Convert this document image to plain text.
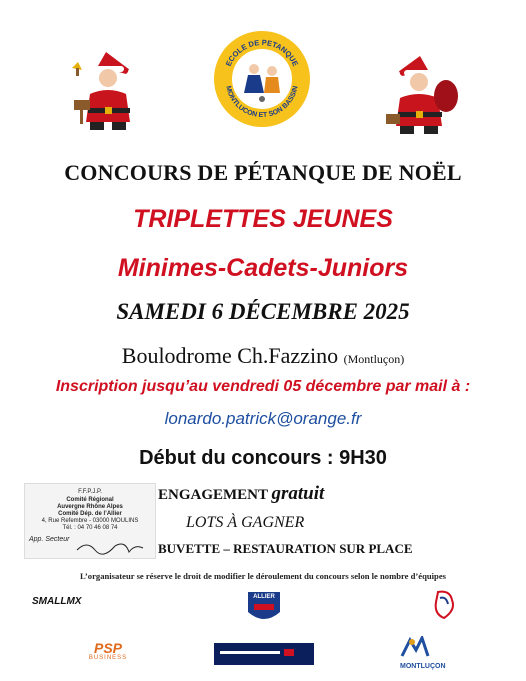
ECOLE DE PETANQUE
MONTLUCON ET SON BASSIN
CONCOURS DE PÉTANQUE DE NOËL
TRIPLETTES JEUNES
Minimes-Cadets-Juniors
SAMEDI 6 DÉCEMBRE 2025
Boulodrome Ch.Fazzino (Montluçon)
Inscription jusqu’au vendredi 05 décembre par mail à :
lonardo.patrick@orange.fr
Début du concours : 9H30
F.F.P.J.P.
Comité Régional
Auvergne Rhône Alpes
Comité Dép. de l’Allier
4, Rue Refembre - 03000 MOULINS
Tél. : 04 70 46 08 74
App. Secteur
ENGAGEMENT gratuit
LOTS À GAGNER
BUVETTE – RESTAURATION SUR PLACE
L’organisateur se réserve le droit de modifier le déroulement du concours selon le nombre d’équipes
SMALLMX	ALLIER
PSP
BUSINESS
MONTLUÇON
